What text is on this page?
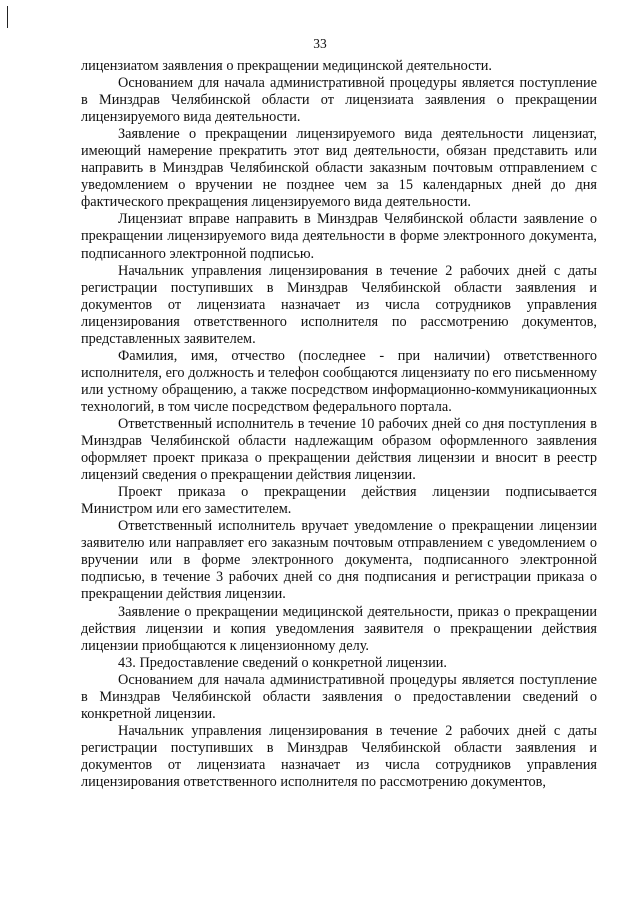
33

лицензиатом заявления о прекращении медицинской деятельности.

Основанием для начала административной процедуры является поступление в Минздрав Челябинской области от лицензиата заявления о прекращении лицензируемого вида деятельности.

Заявление о прекращении лицензируемого вида деятельности лицензиат, имеющий намерение прекратить этот вид деятельности, обязан представить или направить в Минздрав Челябинской области заказным почтовым отправлением с уведомлением о вручении не позднее чем за 15 календарных дней до дня фактического прекращения лицензируемого вида деятельности.

Лицензиат вправе направить в Минздрав Челябинской области заявление о прекращении лицензируемого вида деятельности в форме электронного документа, подписанного электронной подписью.

Начальник управления лицензирования в течение 2 рабочих дней с даты регистрации поступивших в Минздрав Челябинской области заявления и документов от лицензиата назначает из числа сотрудников управления лицензирования ответственного исполнителя по рассмотрению документов, представленных заявителем.

Фамилия, имя, отчество (последнее - при наличии) ответственного исполнителя, его должность и телефон сообщаются лицензиату по его письменному или устному обращению, а также посредством информационно-коммуникационных технологий, в том числе посредством федерального портала.

Ответственный исполнитель в течение 10 рабочих дней со дня поступления в Минздрав Челябинской области надлежащим образом оформленного заявления оформляет проект приказа о прекращении действия лицензии и вносит в реестр лицензий сведения о прекращении действия лицензии.

Проект приказа о прекращении действия лицензии подписывается Министром или его заместителем.

Ответственный исполнитель вручает уведомление о прекращении лицензии заявителю или направляет его заказным почтовым отправлением с уведомлением о вручении или в форме электронного документа, подписанного электронной подписью, в течение 3 рабочих дней со дня подписания и регистрации приказа о прекращении действия лицензии.

Заявление о прекращении медицинской деятельности, приказ о прекращении действия лицензии и копия уведомления заявителя о прекращении действия лицензии приобщаются к лицензионному делу.

43. Предоставление сведений о конкретной лицензии.

Основанием для начала административной процедуры является поступление в Минздрав Челябинской области заявления о предоставлении сведений о конкретной лицензии.

Начальник управления лицензирования в течение 2 рабочих дней с даты регистрации поступивших в Минздрав Челябинской области заявления и документов от лицензиата назначает из числа сотрудников управления лицензирования ответственного исполнителя по рассмотрению документов,
